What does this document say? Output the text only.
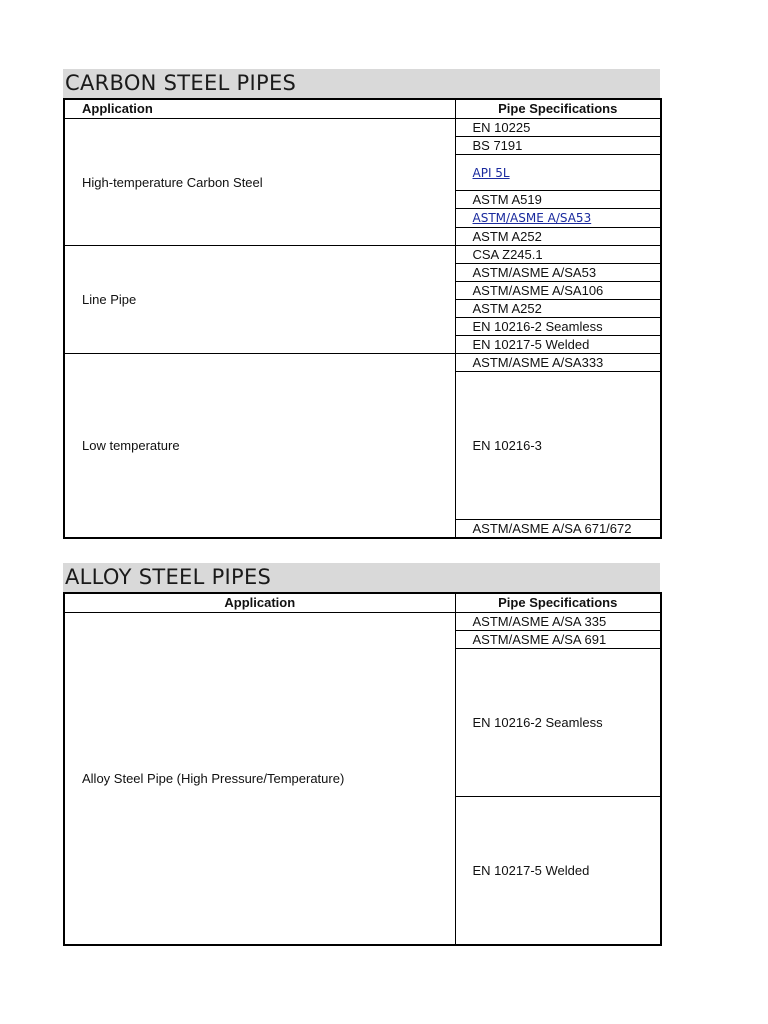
CARBON STEEL PIPES
Application	Pipe Specifications
High-temperature Carbon Steel	EN 10225
	BS 7191
	API 5L
	ASTM A519
	ASTM/ASME A/SA53
	ASTM A252
Line Pipe	CSA Z245.1
	ASTM/ASME A/SA53
	ASTM/ASME A/SA106
	ASTM A252
	EN 10216-2 Seamless
	EN 10217-5 Welded
Low temperature	ASTM/ASME A/SA333
	EN 10216-3
	ASTM/ASME A/SA 671/672
ALLOY STEEL PIPES
Application	Pipe Specifications
Alloy Steel Pipe (High Pressure/Temperature)	ASTM/ASME A/SA 335
	ASTM/ASME A/SA 691
	EN 10216-2 Seamless
	EN 10217-5 Welded
